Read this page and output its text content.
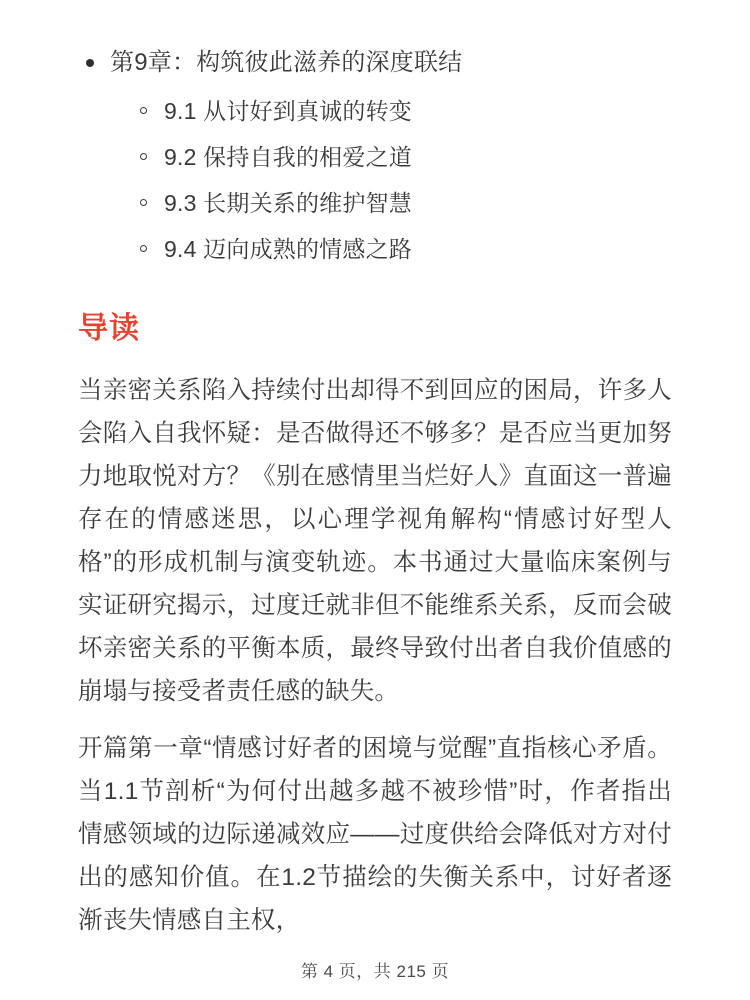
第9章：构筑彼此滋养的深度联结
9.1 从讨好到真诚的转变
9.2 保持自我的相爱之道
9.3 长期关系的维护智慧
9.4 迈向成熟的情感之路
导读

当亲密关系陷入持续付出却得不到回应的困局，许多人会陷入自我怀疑：是否做得还不够多？是否应当更加努力地取悦对方？《别在感情里当烂好人》直面这一普遍存在的情感迷思，以心理学视角解构“情感讨好型人格”的形成机制与演变轨迹。本书通过大量临床案例与实证研究揭示，过度迁就非但不能维系关系，反而会破坏亲密关系的平衡本质，最终导致付出者自我价值感的崩塌与接受者责任感的缺失。

开篇第一章“情感讨好者的困境与觉醒”直指核心矛盾。当1.1节剖析“为何付出越多越不被珍惜”时，作者指出情感领域的边际递减效应——过度供给会降低对方对付出的感知价值。在1.2节描绘的失衡关系中，讨好者逐渐丧失情感自主权，

第 4 页，共 215 页
